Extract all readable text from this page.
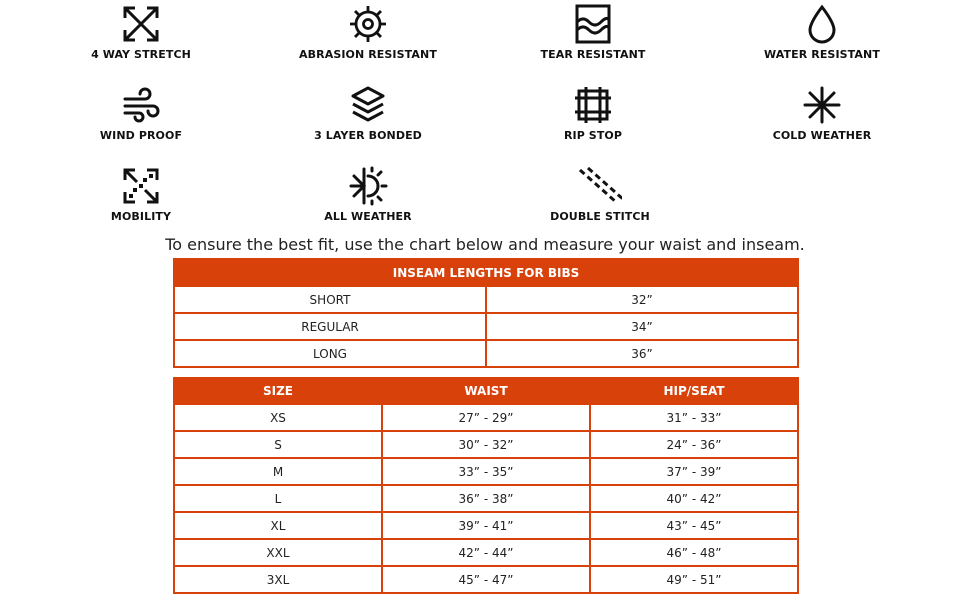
4 WAY STRETCH	ABRASION RESISTANT	TEAR RESISTANT	WATER RESISTANT
WIND PROOF	3 LAYER BONDED	RIP STOP	COLD WEATHER
MOBILITY	ALL WEATHER	DOUBLE STITCH
To ensure the best fit, use the chart below and measure your waist and inseam.
INSEAM LENGTHS FOR BIBS	
SHORT	32”
REGULAR	34”
LONG	36”
SIZE	WAIST	HIP/SEAT
XS	27” - 29”	31” - 33”
S	30” - 32”	24” - 36”
M	33” - 35”	37” - 39”
L	36” - 38”	40” - 42”
XL	39” - 41”	43” - 45”
XXL	42” - 44”	46” - 48”
3XL	45” - 47”	49” - 51”
